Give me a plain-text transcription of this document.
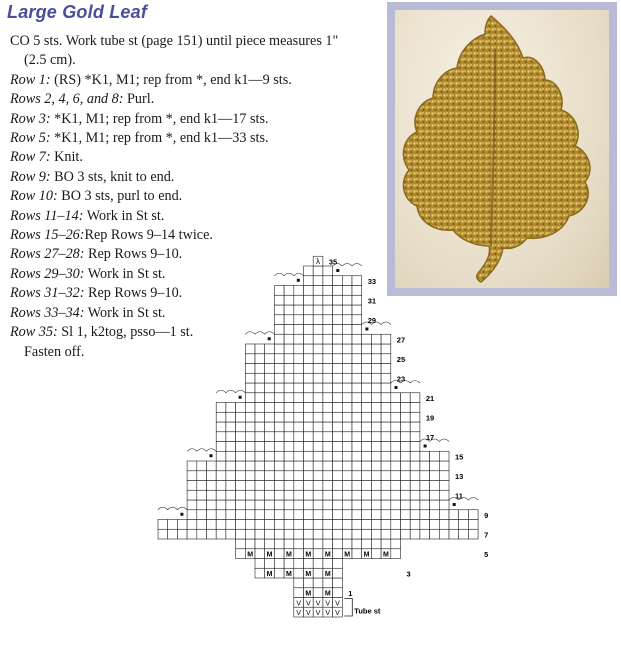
Large Gold Leaf
CO 5 sts. Work tube st (page 151) until piece measures 1"
(2.5 cm).
Row 1: (RS) *K1, M1; rep from *, end k1—9 sts.
Rows 2, 4, 6, and 8: Purl.
Row 3: *K1, M1; rep from *, end k1—17 sts.
Row 5: *K1, M1; rep from *, end k1—33 sts.
Row 7: Knit.
Row 9: BO 3 sts, knit to end.
Row 10: BO 3 sts, purl to end.
Rows 11–14: Work in St st.
Rows 15–26:Rep Rows 9–14 twice.
Rows 27–28: Rep Rows 9–10.
Rows 29–30: Work in St st.
Rows 31–32: Rep Rows 9–10.
Rows 33–34: Work in St st.
Row 35: Sl 1, k2tog, psso—1 st.
Fasten off.
M M M M M M M M
M M M M
M M
V V V V V
V V V V V
λ
1
3
5
7
9
11
13
15
17
19
21
23
25
27
29
31
33
35
Tube st
